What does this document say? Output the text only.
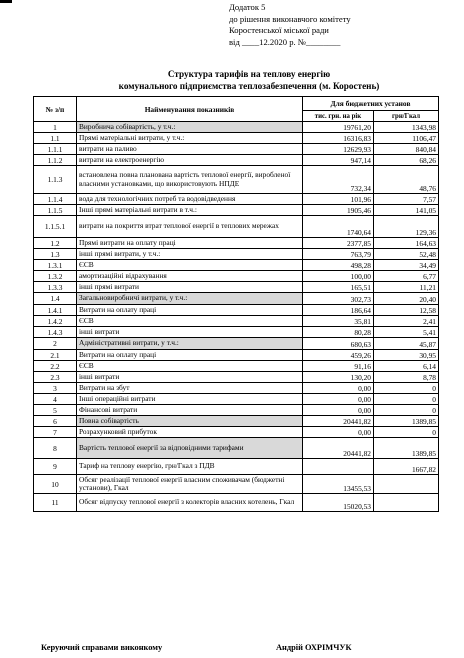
Додаток 5
до рішення виконавчого комітету
Коростенської міської ради
від ____12.2020 р. №________
Структура тарифів на теплову енергію
комунального підприємства теплозабезпечення (м. Коростень)
№ з/п	Найменування показників	Для бюджетних установ	
		тис. грн. на рік	грн/Гкал
1	Виробнича собівартість, у т.ч.:	19761,20	1343,98
1.1	Прямі матеріальні витрати, у т.ч.:	16316,83	1106,47
1.1.1	витрати на паливо	12629,93	840,84
1.1.2	витрати на електроенергію	947,14	68,26
1.1.3	встановлена повна планована вартість теплової енергії, виробленої власними установками, що використовують НПДЕ	732,34	48,76
1.1.4	вода для технологічних потреб та водовідведення	101,96	7,57
1.1.5	Інші прямі матеріальні витрати в т.ч.:	1905,46	141,05
1.1.5.1	витрати на покриття втрат теплової енергії в теплових мережах	1740,64	129,36
1.2	Прямі витрати на оплату праці	2377,85	164,63
1.3	інші прямі витрати, у т.ч.:	763,79	52,48
1.3.1	ЄСВ	498,28	34,49
1.3.2	амортизаційні відрахування	100,00	6,77
1.3.3	інші прямі витрати	165,51	11,21
1.4	Загальновиробничі витрати, у т.ч.:	302,73	20,40
1.4.1	Витрати на оплату праці	186,64	12,58
1.4.2	ЄСВ	35,81	2,41
1.4.3	інші витрати	80,28	5,41
2	Адміністративні витрати, у т.ч.:	680,63	45,87
2.1	Витрати на оплату праці	459,26	30,95
2.2	ЄСВ	91,16	6,14
2.3	інші витрати	130,20	8,78
3	Витрати на збут	0,00	0
4	Інші операційні витрати	0,00	0
5	Фінансові витрати	0,00	0
6	Повна собівартість	20441,82	1389,85
7	Розрахунковий прибуток	0,00	0
8	Вартість теплової енергії за відповідними тарифами	20441,82	1389,85
9	Тариф на теплову енергію, грн/Гкал з ПДВ		1667,82
10	Обсяг реалізації теплової енергії власним споживачам (бюджетні установи), Гкал	13455,53	
11	Обсяг відпуску теплової енергії з колекторів власних котелень, Гкал	15020,53	
Керуючий справами виконкому	Андрій ОХРІМЧУК
